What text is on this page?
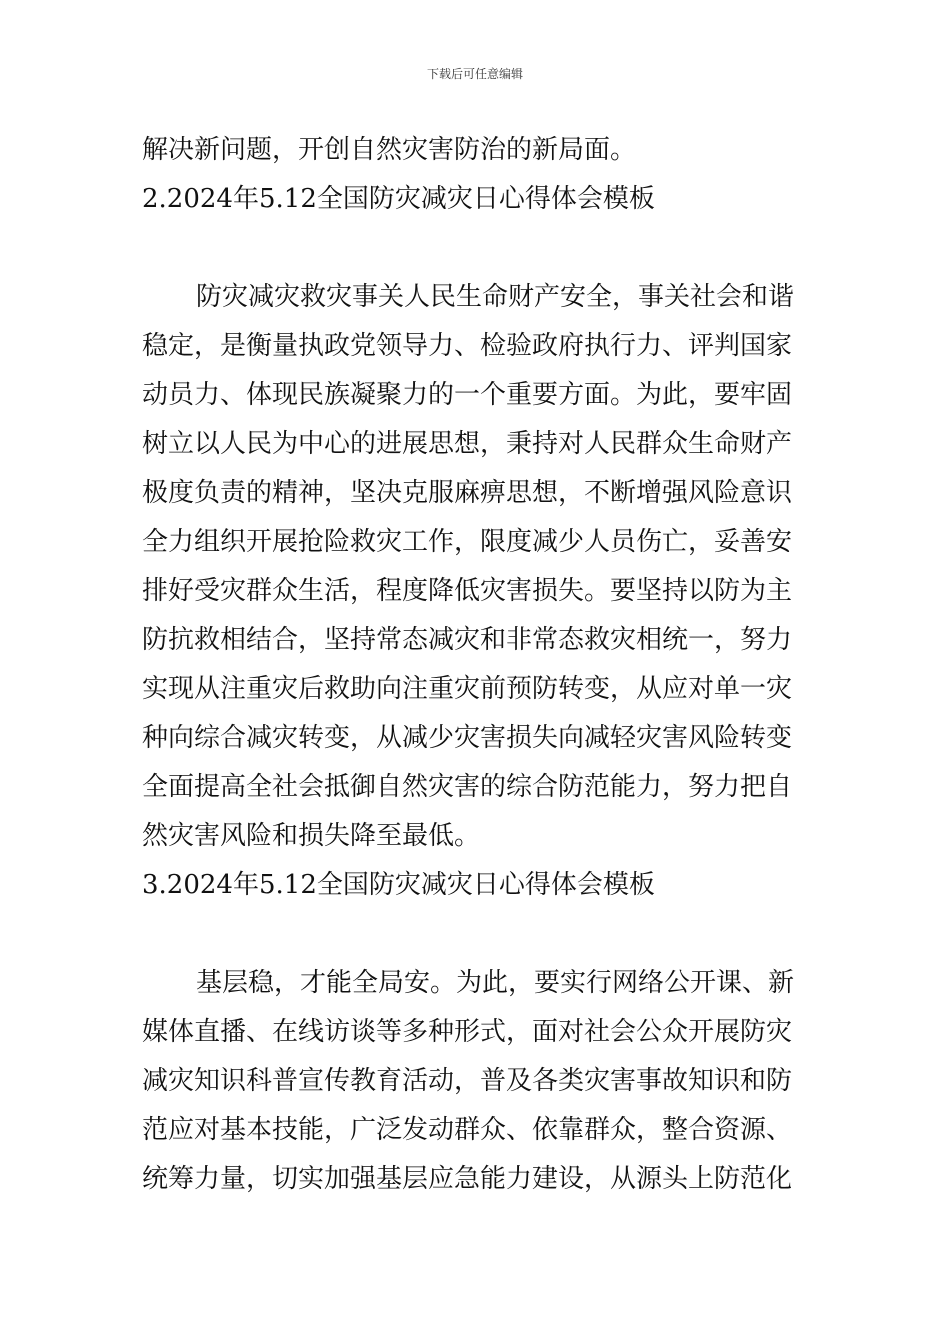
下载后可任意编辑
解决新问题，开创自然灾害防治的新局面。
2.2024年5.12全国防灾减灾日心得体会模板
防灾减灾救灾事关人民生命财产安全，事关社会和谐
稳定，是衡量执政党领导力、检验政府执行力、评判国家
动员力、体现民族凝聚力的一个重要方面。为此，要牢固
树立以人民为中心的进展思想，秉持对人民群众生命财产
极度负责的精神，坚决克服麻痹思想，不断增强风险意识
全力组织开展抢险救灾工作，限度减少人员伤亡，妥善安
排好受灾群众生活，程度降低灾害损失。要坚持以防为主
防抗救相结合，坚持常态减灾和非常态救灾相统一，努力
实现从注重灾后救助向注重灾前预防转变，从应对单一灾
种向综合减灾转变，从减少灾害损失向减轻灾害风险转变
全面提高全社会抵御自然灾害的综合防范能力，努力把自
然灾害风险和损失降至最低。
3.2024年5.12全国防灾减灾日心得体会模板
基层稳，才能全局安。为此，要实行网络公开课、新
媒体直播、在线访谈等多种形式，面对社会公众开展防灾
减灾知识科普宣传教育活动，普及各类灾害事故知识和防
范应对基本技能，广泛发动群众、依靠群众，整合资源、
统筹力量，切实加强基层应急能力建设，从源头上防范化
